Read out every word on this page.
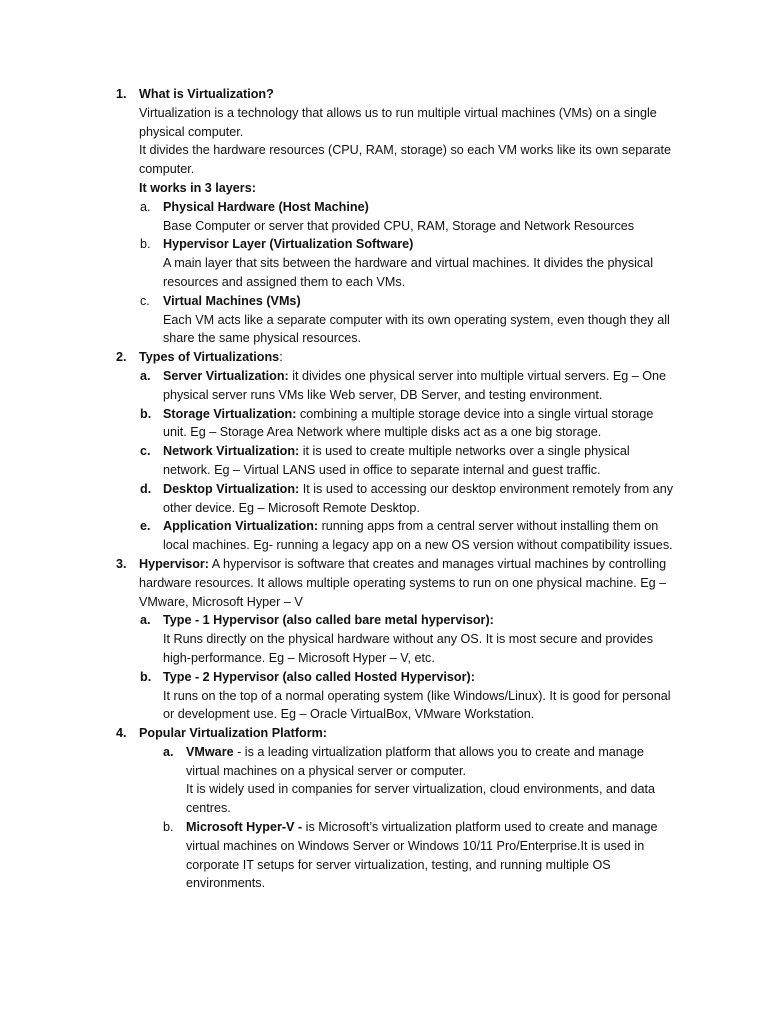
1. What is Virtualization?
Virtualization is a technology that allows us to run multiple virtual machines (VMs) on a single physical computer.
It divides the hardware resources (CPU, RAM, storage) so each VM works like its own separate computer.
It works in 3 layers:
a. Physical Hardware (Host Machine)
Base Computer or server that provided CPU, RAM, Storage and Network Resources
b. Hypervisor Layer (Virtualization Software)
A main layer that sits between the hardware and virtual machines. It divides the physical resources and assigned them to each VMs.
c. Virtual Machines (VMs)
Each VM acts like a separate computer with its own operating system, even though they all share the same physical resources.
2. Types of Virtualizations:
a. Server Virtualization: it divides one physical server into multiple virtual servers. Eg – One physical server runs VMs like Web server, DB Server, and testing environment.
b. Storage Virtualization: combining a multiple storage device into a single virtual storage unit. Eg – Storage Area Network where multiple disks act as a one big storage.
c. Network Virtualization: it is used to create multiple networks over a single physical network. Eg – Virtual LANS used in office to separate internal and guest traffic.
d. Desktop Virtualization: It is used to accessing our desktop environment remotely from any other device. Eg – Microsoft Remote Desktop.
e. Application Virtualization: running apps from a central server without installing them on local machines. Eg- running a legacy app on a new OS version without compatibility issues.
3. Hypervisor: A hypervisor is software that creates and manages virtual machines by controlling hardware resources. It allows multiple operating systems to run on one physical machine. Eg – VMware, Microsoft Hyper – V
a. Type - 1 Hypervisor (also called bare metal hypervisor):
It Runs directly on the physical hardware without any OS. It is most secure and provides high-performance. Eg – Microsoft Hyper – V, etc.
b. Type - 2 Hypervisor (also called Hosted Hypervisor):
It runs on the top of a normal operating system (like Windows/Linux). It is good for personal or development use. Eg – Oracle VirtualBox, VMware Workstation.
4. Popular Virtualization Platform:
a. VMware - is a leading virtualization platform that allows you to create and manage virtual machines on a physical server or computer.
It is widely used in companies for server virtualization, cloud environments, and data centres.
b. Microsoft Hyper-V - is Microsoft’s virtualization platform used to create and manage virtual machines on Windows Server or Windows 10/11 Pro/Enterprise.It is used in corporate IT setups for server virtualization, testing, and running multiple OS environments.
